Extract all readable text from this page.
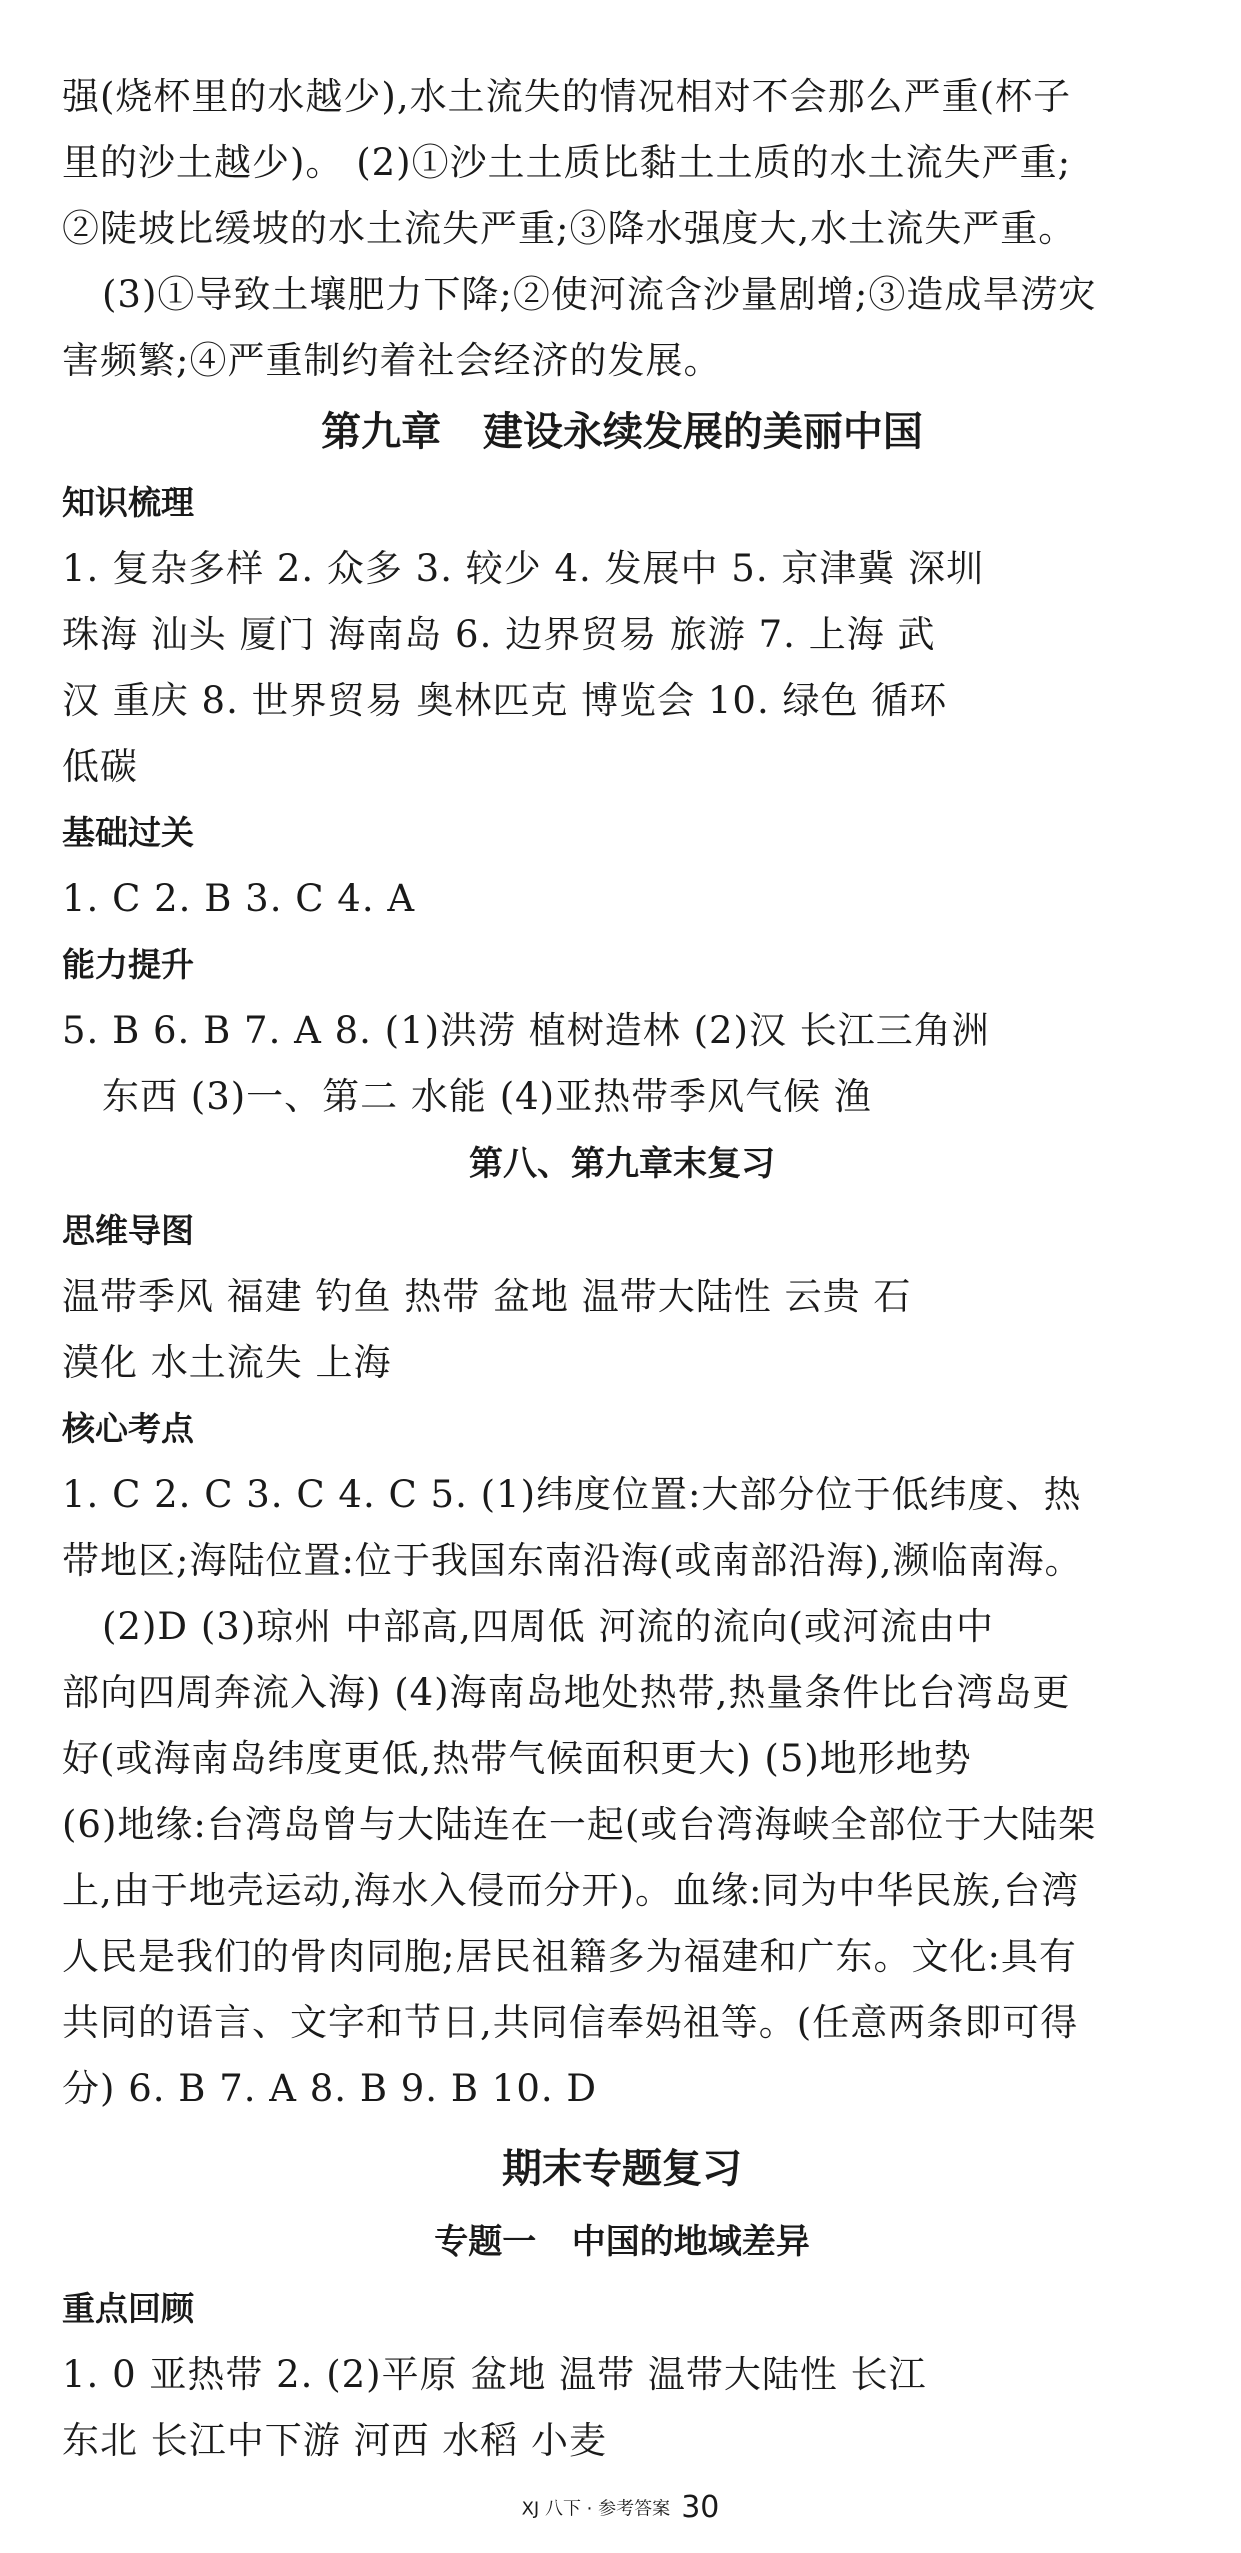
强(烧杯里的水越少),水土流失的情况相对不会那么严重(杯子
里的沙土越少)。 (2)①沙土土质比黏土土质的水土流失严重;
②陡坡比缓坡的水土流失严重;③降水强度大,水土流失严重。
(3)①导致土壤肥力下降;②使河流含沙量剧增;③造成旱涝灾
害频繁;④严重制约着社会经济的发展。
第九章   建设永续发展的美丽中国
知识梳理
1. 复杂多样 2. 众多 3. 较少 4. 发展中 5. 京津冀 深圳
珠海 汕头 厦门 海南岛 6. 边界贸易 旅游 7. 上海 武
汉 重庆 8. 世界贸易 奥林匹克 博览会 10. 绿色 循环
低碳
基础过关
1. C 2. B 3. C 4. A
能力提升
5. B 6. B 7. A 8. (1)洪涝 植树造林 (2)汉 长江三角洲
东西 (3)一、第二 水能 (4)亚热带季风气候 渔
第八、第九章末复习
思维导图
温带季风 福建 钓鱼 热带 盆地 温带大陆性 云贵 石
漠化 水土流失 上海
核心考点
1. C 2. C 3. C 4. C 5. (1)纬度位置:大部分位于低纬度、热
带地区;海陆位置:位于我国东南沿海(或南部沿海),濒临南海。
(2)D (3)琼州 中部高,四周低 河流的流向(或河流由中
部向四周奔流入海) (4)海南岛地处热带,热量条件比台湾岛更
好(或海南岛纬度更低,热带气候面积更大) (5)地形地势
(6)地缘:台湾岛曾与大陆连在一起(或台湾海峡全部位于大陆架
上,由于地壳运动,海水入侵而分开)。血缘:同为中华民族,台湾
人民是我们的骨肉同胞;居民祖籍多为福建和广东。文化:具有
共同的语言、文字和节日,共同信奉妈祖等。(任意两条即可得
分) 6. B 7. A 8. B 9. B 10. D
期末专题复习
专题一   中国的地域差异
重点回顾
1. 0 亚热带 2. (2)平原 盆地 温带 温带大陆性 长江
东北 长江中下游 河西 水稻 小麦
XJ 八下 · 参考答案 30
